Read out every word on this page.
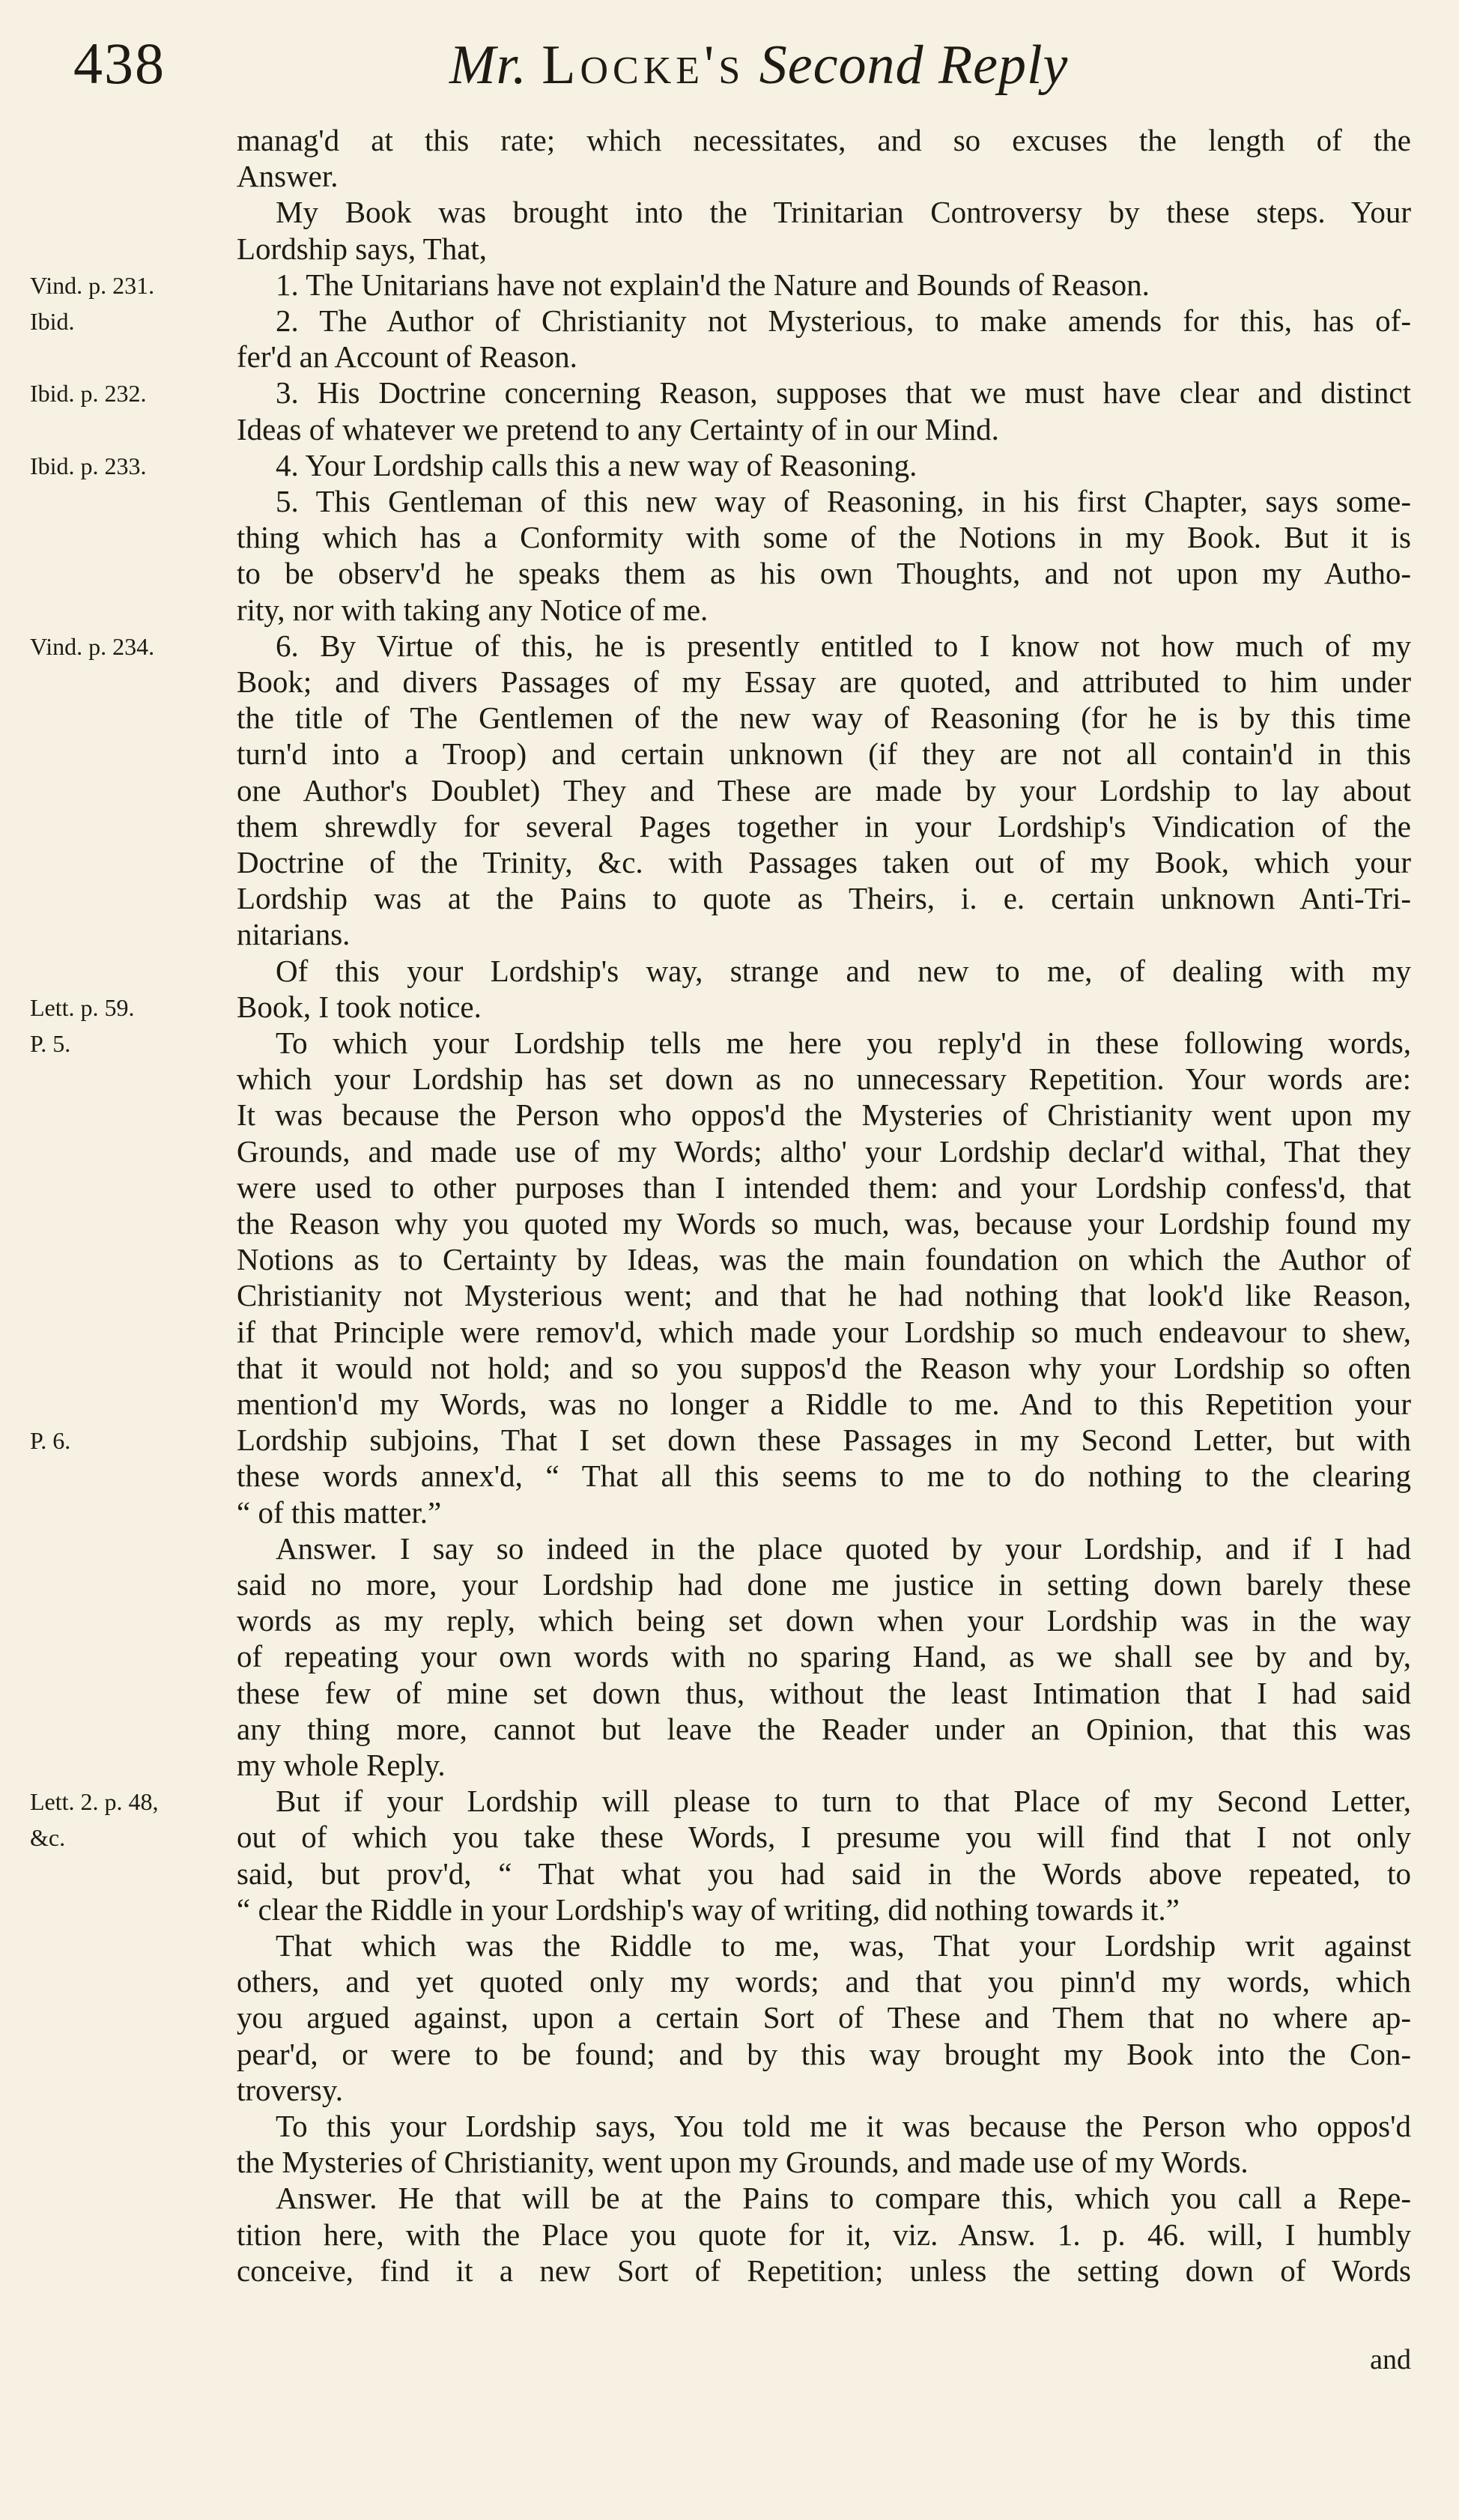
438	Mr. Locke's Second Reply
manag'd at this rate; which necessitates, and so excuses the length of the
Answer.
My Book was brought into the Trinitarian Controversy by these steps. Your
Lordship says, That,
Vind. p. 231.	1. The Unitarians have not explain'd the Nature and Bounds of Reason.
Ibid.	2. The Author of Christianity not Mysterious, to make amends for this, has of-
fer'd an Account of Reason.
Ibid. p. 232.	3. His Doctrine concerning Reason, supposes that we must have clear and distinct
Ideas of whatever we pretend to any Certainty of in our Mind.
Ibid. p. 233.	4. Your Lordship calls this a new way of Reasoning.
5. This Gentleman of this new way of Reasoning, in his first Chapter, says some-
thing which has a Conformity with some of the Notions in my Book. But it is
to be observ'd he speaks them as his own Thoughts, and not upon my Autho-
rity, nor with taking any Notice of me.
Vind. p. 234.	6. By Virtue of this, he is presently entitled to I know not how much of my
Book; and divers Passages of my Essay are quoted, and attributed to him under
the title of The Gentlemen of the new way of Reasoning (for he is by this time
turn'd into a Troop) and certain unknown (if they are not all contain'd in this
one Author's Doublet) They and These are made by your Lordship to lay about
them shrewdly for several Pages together in your Lordship's Vindication of the
Doctrine of the Trinity, &c. with Passages taken out of my Book, which your
Lordship was at the Pains to quote as Theirs, i. e. certain unknown Anti-Tri-
nitarians.
Of this your Lordship's way, strange and new to me, of dealing with my
Lett. p. 59.	Book, I took notice.
P. 5.	To which your Lordship tells me here you reply'd in these following words,
which your Lordship has set down as no unnecessary Repetition. Your words are:
It was because the Person who oppos'd the Mysteries of Christianity went upon my
Grounds, and made use of my Words; altho' your Lordship declar'd withal, That they
were used to other purposes than I intended them: and your Lordship confess'd, that
the Reason why you quoted my Words so much, was, because your Lordship found my
Notions as to Certainty by Ideas, was the main foundation on which the Author of
Christianity not Mysterious went; and that he had nothing that look'd like Reason,
if that Principle were remov'd, which made your Lordship so much endeavour to shew,
that it would not hold; and so you suppos'd the Reason why your Lordship so often
mention'd my Words, was no longer a Riddle to me. And to this Repetition your
P. 6.	Lordship subjoins, That I set down these Passages in my Second Letter, but with
these words annex'd, “ That all this seems to me to do nothing to the clearing
“ of this matter.”
Answer. I say so indeed in the place quoted by your Lordship, and if I had
said no more, your Lordship had done me justice in setting down barely these
words as my reply, which being set down when your Lordship was in the way
of repeating your own words with no sparing Hand, as we shall see by and by,
these few of mine set down thus, without the least Intimation that I had said
any thing more, cannot but leave the Reader under an Opinion, that this was
my whole Reply.
Lett. 2. p. 48,	But if your Lordship will please to turn to that Place of my Second Letter,
&c.	out of which you take these Words, I presume you will find that I not only
said, but prov'd, “ That what you had said in the Words above repeated, to
“ clear the Riddle in your Lordship's way of writing, did nothing towards it.”
That which was the Riddle to me, was, That your Lordship writ against
others, and yet quoted only my words; and that you pinn'd my words, which
you argued against, upon a certain Sort of These and Them that no where ap-
pear'd, or were to be found; and by this way brought my Book into the Con-
troversy.
To this your Lordship says, You told me it was because the Person who oppos'd
the Mysteries of Christianity, went upon my Grounds, and made use of my Words.
Answer. He that will be at the Pains to compare this, which you call a Repe-
tition here, with the Place you quote for it, viz. Answ. 1. p. 46. will, I humbly
conceive, find it a new Sort of Repetition; unless the setting down of Words
and
